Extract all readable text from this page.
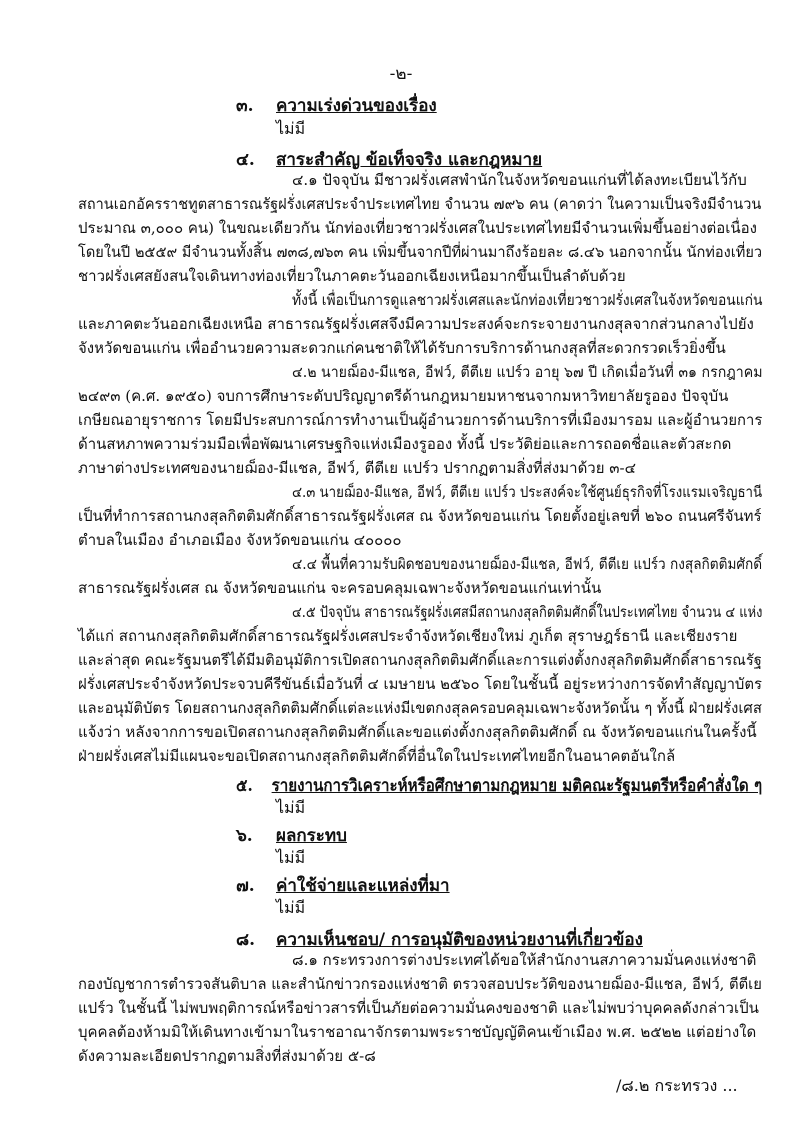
-๒-
๓. ความเร่งด่วนของเรื่อง
ไม่มี
๔. สาระสำคัญ ข้อเท็จจริง และกฎหมาย
๔.๑ ปัจจุบัน มีชาวฝรั่งเศสพำนักในจังหวัดขอนแก่นที่ได้ลงทะเบียนไว้กับ
สถานเอกอัครราชทูตสาธารณรัฐฝรั่งเศสประจำประเทศไทย จำนวน ๗๙๖ คน (คาดว่า ในความเป็นจริงมีจำนวน
ประมาณ ๓,๐๐๐ คน) ในขณะเดียวกัน นักท่องเที่ยวชาวฝรั่งเศสในประเทศไทยมีจำนวนเพิ่มขึ้นอย่างต่อเนื่อง
โดยในปี ๒๕๕๙ มีจำนวนทั้งสิ้น ๗๓๘,๗๖๓ คน เพิ่มขึ้นจากปีที่ผ่านมาถึงร้อยละ ๘.๔๖ นอกจากนั้น นักท่องเที่ยว
ชาวฝรั่งเศสยังสนใจเดินทางท่องเที่ยวในภาคตะวันออกเฉียงเหนือมากขึ้นเป็นลำดับด้วย
ทั้งนี้ เพื่อเป็นการดูแลชาวฝรั่งเศสและนักท่องเที่ยวชาวฝรั่งเศสในจังหวัดขอนแก่น
และภาคตะวันออกเฉียงเหนือ สาธารณรัฐฝรั่งเศสจึงมีความประสงค์จะกระจายงานกงสุลจากส่วนกลางไปยัง
จังหวัดขอนแก่น เพื่ออำนวยความสะดวกแก่คนชาติให้ได้รับการบริการด้านกงสุลที่สะดวกรวดเร็วยิ่งขึ้น
๔.๒ นายฌ็อง-มีแชล, อีฟว์, ตีตีเย แปร์ว อายุ ๖๗ ปี เกิดเมื่อวันที่ ๓๑ กรกฎาคม
๒๔๙๓ (ค.ศ. ๑๙๕๐) จบการศึกษาระดับปริญญาตรีด้านกฎหมายมหาชนจากมหาวิทยาลัยรูออง ปัจจุบัน
เกษียณอายุราชการ โดยมีประสบการณ์การทำงานเป็นผู้อำนวยการด้านบริการที่เมืองมารอม และผู้อำนวยการ
ด้านสหภาพความร่วมมือเพื่อพัฒนาเศรษฐกิจแห่งเมืองรูออง ทั้งนี้ ประวัติย่อและการถอดชื่อและตัวสะกด
ภาษาต่างประเทศของนายฌ็อง-มีแชล, อีฟว์, ตีตีเย แปร์ว ปรากฏตามสิ่งที่ส่งมาด้วย ๓-๔
๔.๓ นายฌ็อง-มีแชล, อีฟว์, ตีตีเย แปร์ว ประสงค์จะใช้ศูนย์ธุรกิจที่โรงแรมเจริญธานี
เป็นที่ทำการสถานกงสุลกิตติมศักดิ์สาธารณรัฐฝรั่งเศส ณ จังหวัดขอนแก่น โดยตั้งอยู่เลขที่ ๒๖๐ ถนนศรีจันทร์
ตำบลในเมือง อำเภอเมือง จังหวัดขอนแก่น ๔๐๐๐๐
๔.๔ พื้นที่ความรับผิดชอบของนายฌ็อง-มีแชล, อีฟว์, ตีตีเย แปร์ว กงสุลกิตติมศักดิ์
สาธารณรัฐฝรั่งเศส ณ จังหวัดขอนแก่น จะครอบคลุมเฉพาะจังหวัดขอนแก่นเท่านั้น
๔.๕ ปัจจุบัน สาธารณรัฐฝรั่งเศสมีสถานกงสุลกิตติมศักดิ์ในประเทศไทย จำนวน ๔ แห่ง
ได้แก่ สถานกงสุลกิตติมศักดิ์สาธารณรัฐฝรั่งเศสประจำจังหวัดเชียงใหม่ ภูเก็ต สุราษฎร์ธานี และเชียงราย
และล่าสุด คณะรัฐมนตรีได้มีมติอนุมัติการเปิดสถานกงสุลกิตติมศักดิ์และการแต่งตั้งกงสุลกิตติมศักดิ์สาธารณรัฐ
ฝรั่งเศสประจำจังหวัดประจวบคีรีขันธ์เมื่อวันที่ ๔ เมษายน ๒๕๖๐ โดยในชั้นนี้ อยู่ระหว่างการจัดทำสัญญาบัตร
และอนุมัติบัตร โดยสถานกงสุลกิตติมศักดิ์แต่ละแห่งมีเขตกงสุลครอบคลุมเฉพาะจังหวัดนั้น ๆ ทั้งนี้ ฝ่ายฝรั่งเศส
แจ้งว่า หลังจากการขอเปิดสถานกงสุลกิตติมศักดิ์และขอแต่งตั้งกงสุลกิตติมศักดิ์ ณ จังหวัดขอนแก่นในครั้งนี้
ฝ่ายฝรั่งเศสไม่มีแผนจะขอเปิดสถานกงสุลกิตติมศักดิ์ที่อื่นใดในประเทศไทยอีกในอนาคตอันใกล้
๕. รายงานการวิเคราะห์หรือศึกษาตามกฎหมาย มติคณะรัฐมนตรีหรือคำสั่งใด ๆ
ไม่มี
๖. ผลกระทบ
ไม่มี
๗. ค่าใช้จ่ายและแหล่งที่มา
ไม่มี
๘. ความเห็นชอบ/ การอนุมัติของหน่วยงานที่เกี่ยวข้อง
๘.๑ กระทรวงการต่างประเทศได้ขอให้สำนักงานสภาความมั่นคงแห่งชาติ
กองบัญชาการตำรวจสันติบาล และสำนักข่าวกรองแห่งชาติ ตรวจสอบประวัติของนายฌ็อง-มีแชล, อีฟว์, ตีตีเย
แปร์ว ในชั้นนี้ ไม่พบพฤติการณ์หรือข่าวสารที่เป็นภัยต่อความมั่นคงของชาติ และไม่พบว่าบุคคลดังกล่าวเป็น
บุคคลต้องห้ามมิให้เดินทางเข้ามาในราชอาณาจักรตามพระราชบัญญัติคนเข้าเมือง พ.ศ. ๒๕๒๒ แต่อย่างใด
ดังความละเอียดปรากฏตามสิ่งที่ส่งมาด้วย ๕-๘
/๘.๒ กระทรวง ...
